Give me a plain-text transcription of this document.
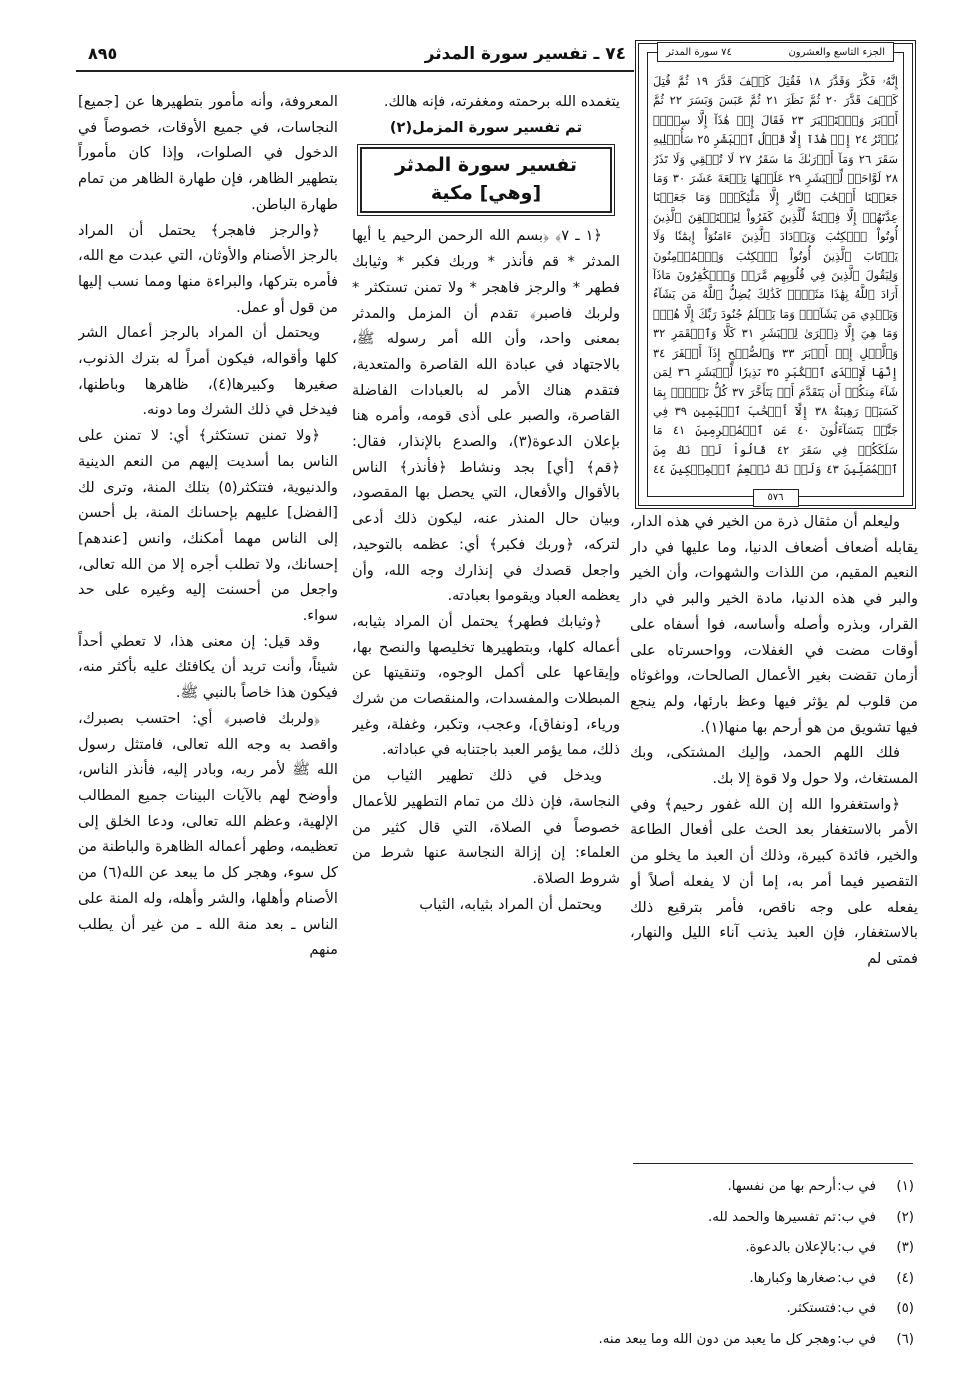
٧٤ ـ تفسير سورة المدثر
٨٩٥	الجزء التاسع والعشرون
٧٤ سورة المدثر
إِنَّهُۥ فَكَّرَ وَقَدَّرَ ١٨ فَقُتِلَ كَيۡفَ قَدَّرَ ١٩ ثُمَّ قُتِلَ كَيۡفَ قَدَّرَ ٢٠ ثُمَّ نَظَرَ ٢١ ثُمَّ عَبَسَ وَبَسَرَ ٢٢ ثُمَّ أَدۡبَرَ وَٱسۡتَكۡبَرَ ٢٣ فَقَالَ إِنۡ هَٰذَآ إِلَّا سِحۡرٞ يُؤۡثَرُ ٢٤ إِنۡ هَٰذَآ إِلَّا قَوۡلُ ٱلۡبَشَرِ ٢٥ سَأُصۡلِيهِ سَقَرَ ٢٦ وَمَآ أَدۡرَىٰكَ مَا سَقَرُ ٢٧ لَا تُبۡقِي وَلَا تَذَرُ ٢٨ لَوَّاحَةٞ لِّلۡبَشَرِ ٢٩ عَلَيۡهَا تِسۡعَةَ عَشَرَ ٣٠ وَمَا جَعَلۡنَا أَصۡحَٰبَ ٱلنَّارِ إِلَّا مَلَٰٓئِكَةٗۙ وَمَا جَعَلۡنَا عِدَّتَهُمۡ إِلَّا فِتۡنَةٗ لِّلَّذِينَ كَفَرُواْ لِيَسۡتَيۡقِنَ ٱلَّذِينَ أُوتُواْ ٱلۡكِتَٰبَ وَيَزۡدَادَ ٱلَّذِينَ ءَامَنُوٓاْ إِيمَٰنٗا وَلَا يَرۡتَابَ ٱلَّذِينَ أُوتُواْ ٱلۡكِتَٰبَ وَٱلۡمُؤۡمِنُونَ وَلِيَقُولَ ٱلَّذِينَ فِي قُلُوبِهِم مَّرَضٞ وَٱلۡكَٰفِرُونَ مَاذَآ أَرَادَ ٱللَّهُ بِهَٰذَا مَثَلٗاۚ كَذَٰلِكَ يُضِلُّ ٱللَّهُ مَن يَشَآءُ وَيَهۡدِي مَن يَشَآءُۚ وَمَا يَعۡلَمُ جُنُودَ رَبِّكَ إِلَّا هُوَۚ وَمَا هِيَ إِلَّا ذِكۡرَىٰ لِلۡبَشَرِ ٣١ كَلَّا وَٱلۡقَمَرِ ٣٢ وَٱلَّيۡلِ إِذۡ أَدۡبَرَ ٣٣ وَٱلصُّبۡحِ إِذَآ أَسۡفَرَ ٣٤ إِنَّهَا لَإِحۡدَى ٱلۡكُبَرِ ٣٥ نَذِيرٗا لِّلۡبَشَرِ ٣٦ لِمَن شَآءَ مِنكُمۡ أَن يَتَقَدَّمَ أَوۡ يَتَأَخَّرَ ٣٧ كُلُّ نَفۡسِۢ بِمَا كَسَبَتۡ رَهِينَةٌ ٣٨ إِلَّآ أَصۡحَٰبَ ٱلۡيَمِينِ ٣٩ فِي جَنَّٰتٖ يَتَسَآءَلُونَ ٤٠ عَنِ ٱلۡمُجۡرِمِينَ ٤١ مَا سَلَكَكُمۡ فِي سَقَرَ ٤٢ قَالُواْ لَمۡ نَكُ مِنَ ٱلۡمُصَلِّينَ ٤٣ وَلَمۡ نَكُ نُطۡعِمُ ٱلۡمِسۡكِينَ ٤٤
٥٧٦

وليعلم أن مثقال ذرة من الخير في هذه الدار، يقابله أضعاف أضعاف الدنيا، وما عليها في دار النعيم المقيم، من اللذات والشهوات، وأن الخير والبر في هذه الدنيا، مادة الخير والبر في دار القرار، وبذره وأصله وأساسه، فوا أسفاه على أوقات مضت في الغفلات، وواحسرتاه على أزمان تقضت بغير الأعمال الصالحات، وواغوثاه من قلوب لم يؤثر فيها وعظ بارئها، ولم ينجع فيها تشويق من هو أرحم بها منها(١).

فلك اللهم الحمد، وإليك المشتكى، وبك المستغاث، ولا حول ولا قوة إلا بك.

﴿واستغفروا الله إن الله غفور رحيم﴾ وفي الأمر بالاستغفار بعد الحث على أفعال الطاعة والخير، فائدة كبيرة، وذلك أن العبد ما يخلو من التقصير فيما أمر به، إما أن لا يفعله أصلاً أو يفعله على وجه ناقص، فأمر بترقيع ذلك بالاستغفار، فإن العبد يذنب آناء الليل والنهار، فمتى لم

يتغمده الله برحمته ومغفرته، فإنه هالك.

تم تفسير سورة المزمل(٢)

تفسير سورة المدثر
[وهي] مكية

﴿١ ـ ٧﴾ ﴿بسم الله الرحمن الرحيم يا أيها المدثر * قم فأنذر * وربك فكبر * وثيابك فطهر * والرجز فاهجر * ولا تمنن تستكثر * ولربك فاصبر﴾ تقدم أن المزمل والمدثر بمعنى واحد، وأن الله أمر رسوله ﷺ، بالاجتهاد في عبادة الله القاصرة والمتعدية، فتقدم هناك الأمر له بالعبادات الفاضلة القاصرة، والصبر على أذى قومه، وأمره هنا بإعلان الدعوة(٣)، والصدع بالإنذار، فقال: ﴿قم﴾ [أي] بجد ونشاط ﴿فأنذر﴾ الناس بالأقوال والأفعال، التي يحصل بها المقصود، وبيان حال المنذر عنه، ليكون ذلك أدعى لتركه، ﴿وربك فكبر﴾ أي: عظمه بالتوحيد، واجعل قصدك في إنذارك وجه الله، وأن يعظمه العباد ويقوموا بعبادته.

﴿وثيابك فطهر﴾ يحتمل أن المراد بثيابه، أعماله كلها، وبتطهيرها تخليصها والنصح بها، وإيقاعها على أكمل الوجوه، وتنقيتها عن المبطلات والمفسدات، والمنقصات من شرك ورياء، [ونفاق]، وعجب، وتكبر، وغفلة، وغير ذلك، مما يؤمر العبد باجتنابه في عباداته.

ويدخل في ذلك تطهير الثياب من النجاسة، فإن ذلك من تمام التطهير للأعمال خصوصاً في الصلاة، التي قال كثير من العلماء: إن إزالة النجاسة عنها شرط من شروط الصلاة.

ويحتمل أن المراد بثيابه، الثياب

المعروفة، وأنه مأمور بتطهيرها عن [جميع] النجاسات، في جميع الأوقات، خصوصاً في الدخول في الصلوات، وإذا كان مأموراً بتطهير الظاهر، فإن طهارة الظاهر من تمام طهارة الباطن.

﴿والرجز فاهجر﴾ يحتمل أن المراد بالرجز الأصنام والأوثان، التي عبدت مع الله، فأمره بتركها، والبراءة منها ومما نسب إليها من قول أو عمل.

ويحتمل أن المراد بالرجز أعمال الشر كلها وأقواله، فيكون أمراً له بترك الذنوب، صغيرها وكبيرها(٤)، ظاهرها وباطنها، فيدخل في ذلك الشرك وما دونه.

﴿ولا تمنن تستكثر﴾ أي: لا تمنن على الناس بما أسديت إليهم من النعم الدينية والدنيوية، فتتكثر(٥) بتلك المنة، وترى لك [الفضل] عليهم بإحسانك المنة، بل أحسن إلى الناس مهما أمكنك، وانس [عندهم] إحسانك، ولا تطلب أجره إلا من الله تعالى، واجعل من أحسنت إليه وغيره على حد سواء.

وقد قيل: إن معنى هذا، لا تعطي أحداً شيئاً، وأنت تريد أن يكافئك عليه بأكثر منه، فيكون هذا خاصاً بالنبي ﷺ.

﴿ولربك فاصبر﴾ أي: احتسب بصبرك، واقصد به وجه الله تعالى، فامتثل رسول الله ﷺ لأمر ربه، وبادر إليه، فأنذر الناس، وأوضح لهم بالآيات البينات جميع المطالب الإلهية، وعظم الله تعالى، ودعا الخلق إلى تعظيمه، وطهر أعماله الظاهرة والباطنة من كل سوء، وهجر كل ما يبعد عن الله(٦) من الأصنام وأهلها، والشر وأهله، وله المنة على الناس ـ بعد منة الله ـ من غير أن يطلب منهم

(١)
في ب:
أرحم بها من نفسها.
(٢)
في ب:
تم تفسيرها والحمد لله.
(٣)
في ب:
بالإعلان بالدعوة.
(٤)
في ب:
صغارها وكبارها.
(٥)
في ب:
فتستكثر.
(٦)
في ب:
وهجر كل ما يعبد من دون الله وما يبعد منه.
